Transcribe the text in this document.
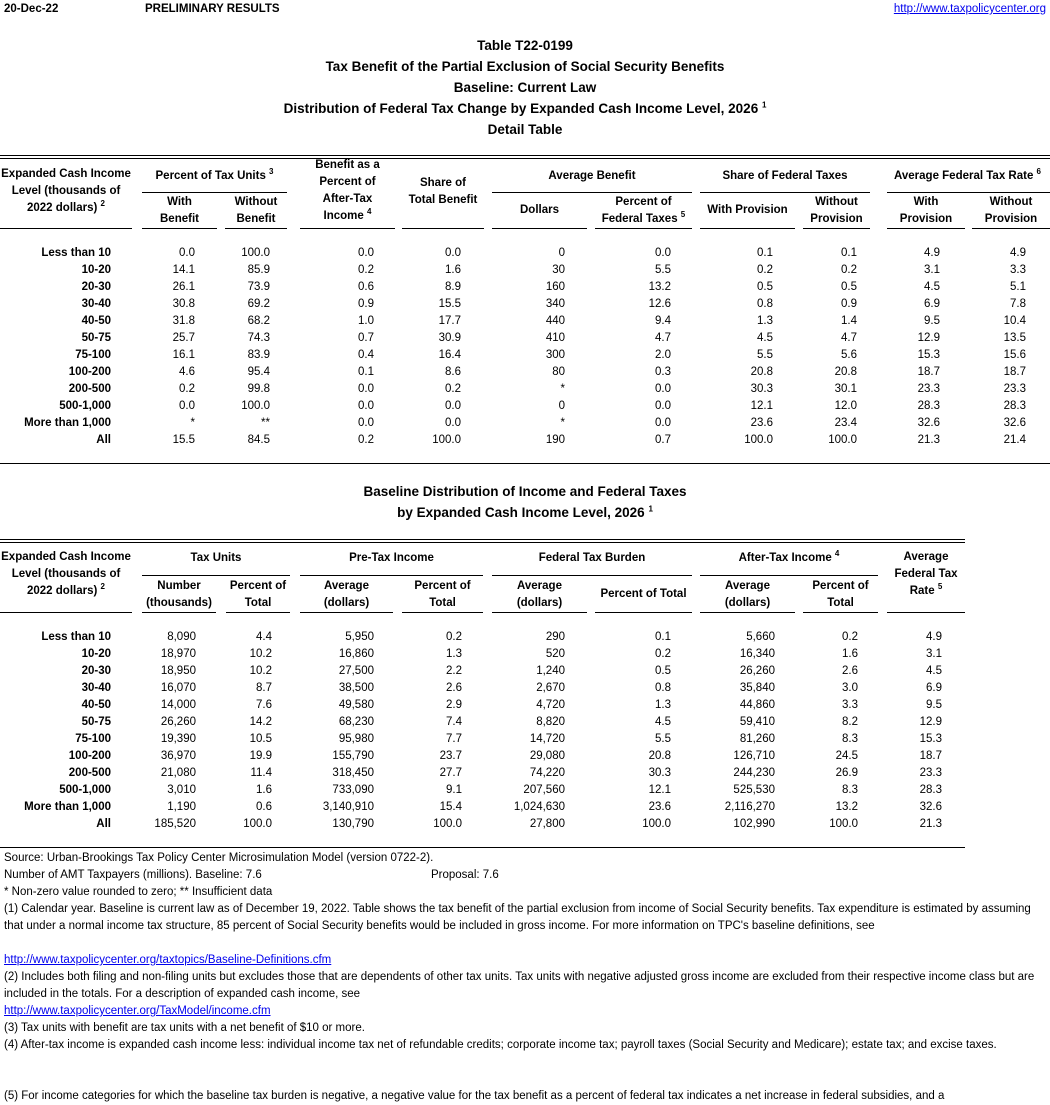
20-Dec-22	PRELIMINARY RESULTS	http://www.taxpolicycenter.org
Table T22-0199
Tax Benefit of the Partial Exclusion of Social Security Benefits
Baseline: Current Law
Distribution of Federal Tax Change by Expanded Cash Income Level, 2026 $^1$
Detail Table
Expanded Cash Income
Level (thousands of
2022 dollars) $^2$
Percent of Tax Units $^3$
With
Benefit
Without
Benefit
Benefit as a
Percent of
After-Tax
Income $^4$
Share of
Total Benefit
Average Benefit
Dollars
Percent of
Federal Taxes $^5$
Share of Federal Taxes
With Provision
Without
Provision
Average Federal Tax Rate $^6$
With
Provision
Without
Provision
Less than 10	0.0	100.0	0.0	0.0	0	0.0	0.1	0.1	4.9	4.9
10-20	14.1	85.9	0.2	1.6	30	5.5	0.2	0.2	3.1	3.3
20-30	26.1	73.9	0.6	8.9	160	13.2	0.5	0.5	4.5	5.1
30-40	30.8	69.2	0.9	15.5	340	12.6	0.8	0.9	6.9	7.8
40-50	31.8	68.2	1.0	17.7	440	9.4	1.3	1.4	9.5	10.4
50-75	25.7	74.3	0.7	30.9	410	4.7	4.5	4.7	12.9	13.5
75-100	16.1	83.9	0.4	16.4	300	2.0	5.5	5.6	15.3	15.6
100-200	4.6	95.4	0.1	8.6	80	0.3	20.8	20.8	18.7	18.7
200-500	0.2	99.8	0.0	0.2	*	0.0	30.3	30.1	23.3	23.3
500-1,000	0.0	100.0	0.0	0.0	0	0.0	12.1	12.0	28.3	28.3
More than 1,000	*	**	0.0	0.0	*	0.0	23.6	23.4	32.6	32.6
All	15.5	84.5	0.2	100.0	190	0.7	100.0	100.0	21.3	21.4
Baseline Distribution of Income and Federal Taxes
by Expanded Cash Income Level, 2026 $^1$
Expanded Cash Income
Level (thousands of
2022 dollars) $^2$
Tax Units
Number
(thousands)
Percent of
Total
Pre-Tax Income
Average
(dollars)
Percent of
Total
Federal Tax Burden
Average
(dollars)
Percent of Total
After-Tax Income $^4$
Average
(dollars)
Percent of
Total
Average
Federal Tax
Rate $^5$
Less than 10	8,090	4.4	5,950	0.2	290	0.1	5,660	0.2	4.9
10-20	18,970	10.2	16,860	1.3	520	0.2	16,340	1.6	3.1
20-30	18,950	10.2	27,500	2.2	1,240	0.5	26,260	2.6	4.5
30-40	16,070	8.7	38,500	2.6	2,670	0.8	35,840	3.0	6.9
40-50	14,000	7.6	49,580	2.9	4,720	1.3	44,860	3.3	9.5
50-75	26,260	14.2	68,230	7.4	8,820	4.5	59,410	8.2	12.9
75-100	19,390	10.5	95,980	7.7	14,720	5.5	81,260	8.3	15.3
100-200	36,970	19.9	155,790	23.7	29,080	20.8	126,710	24.5	18.7
200-500	21,080	11.4	318,450	27.7	74,220	30.3	244,230	26.9	23.3
500-1,000	3,010	1.6	733,090	9.1	207,560	12.1	525,530	8.3	28.3
More than 1,000	1,190	0.6	3,140,910	15.4	1,024,630	23.6	2,116,270	13.2	32.6
All	185,520	100.0	130,790	100.0	27,800	100.0	102,990	100.0	21.3
Source: Urban-Brookings Tax Policy Center Microsimulation Model (version 0722-2).
Number of AMT Taxpayers (millions). Baseline: 7.6	Proposal: 7.6
* Non-zero value rounded to zero; ** Insufficient data
(1) Calendar year. Baseline is current law as of December 19, 2022. Table shows the tax benefit of the partial exclusion from income of Social Security benefits. Tax expenditure is estimated by assuming that under a normal income tax structure, 85 percent of Social Security benefits would be included in gross income. For more information on TPC's baseline definitions, see
http://www.taxpolicycenter.org/taxtopics/Baseline-Definitions.cfm
(2) Includes both filing and non-filing units but excludes those that are dependents of other tax units. Tax units with negative adjusted gross income are excluded from their respective income class but are included in the totals. For a description of expanded cash income, see
http://www.taxpolicycenter.org/TaxModel/income.cfm
(3) Tax units with benefit are tax units with a net benefit of $10 or more.
(4) After-tax income is expanded cash income less: individual income tax net of refundable credits; corporate income tax; payroll taxes (Social Security and Medicare); estate tax; and excise taxes.
(5) For income categories for which the baseline tax burden is negative, a negative value for the tax benefit as a percent of federal tax indicates a net increase in federal subsidies, and a
